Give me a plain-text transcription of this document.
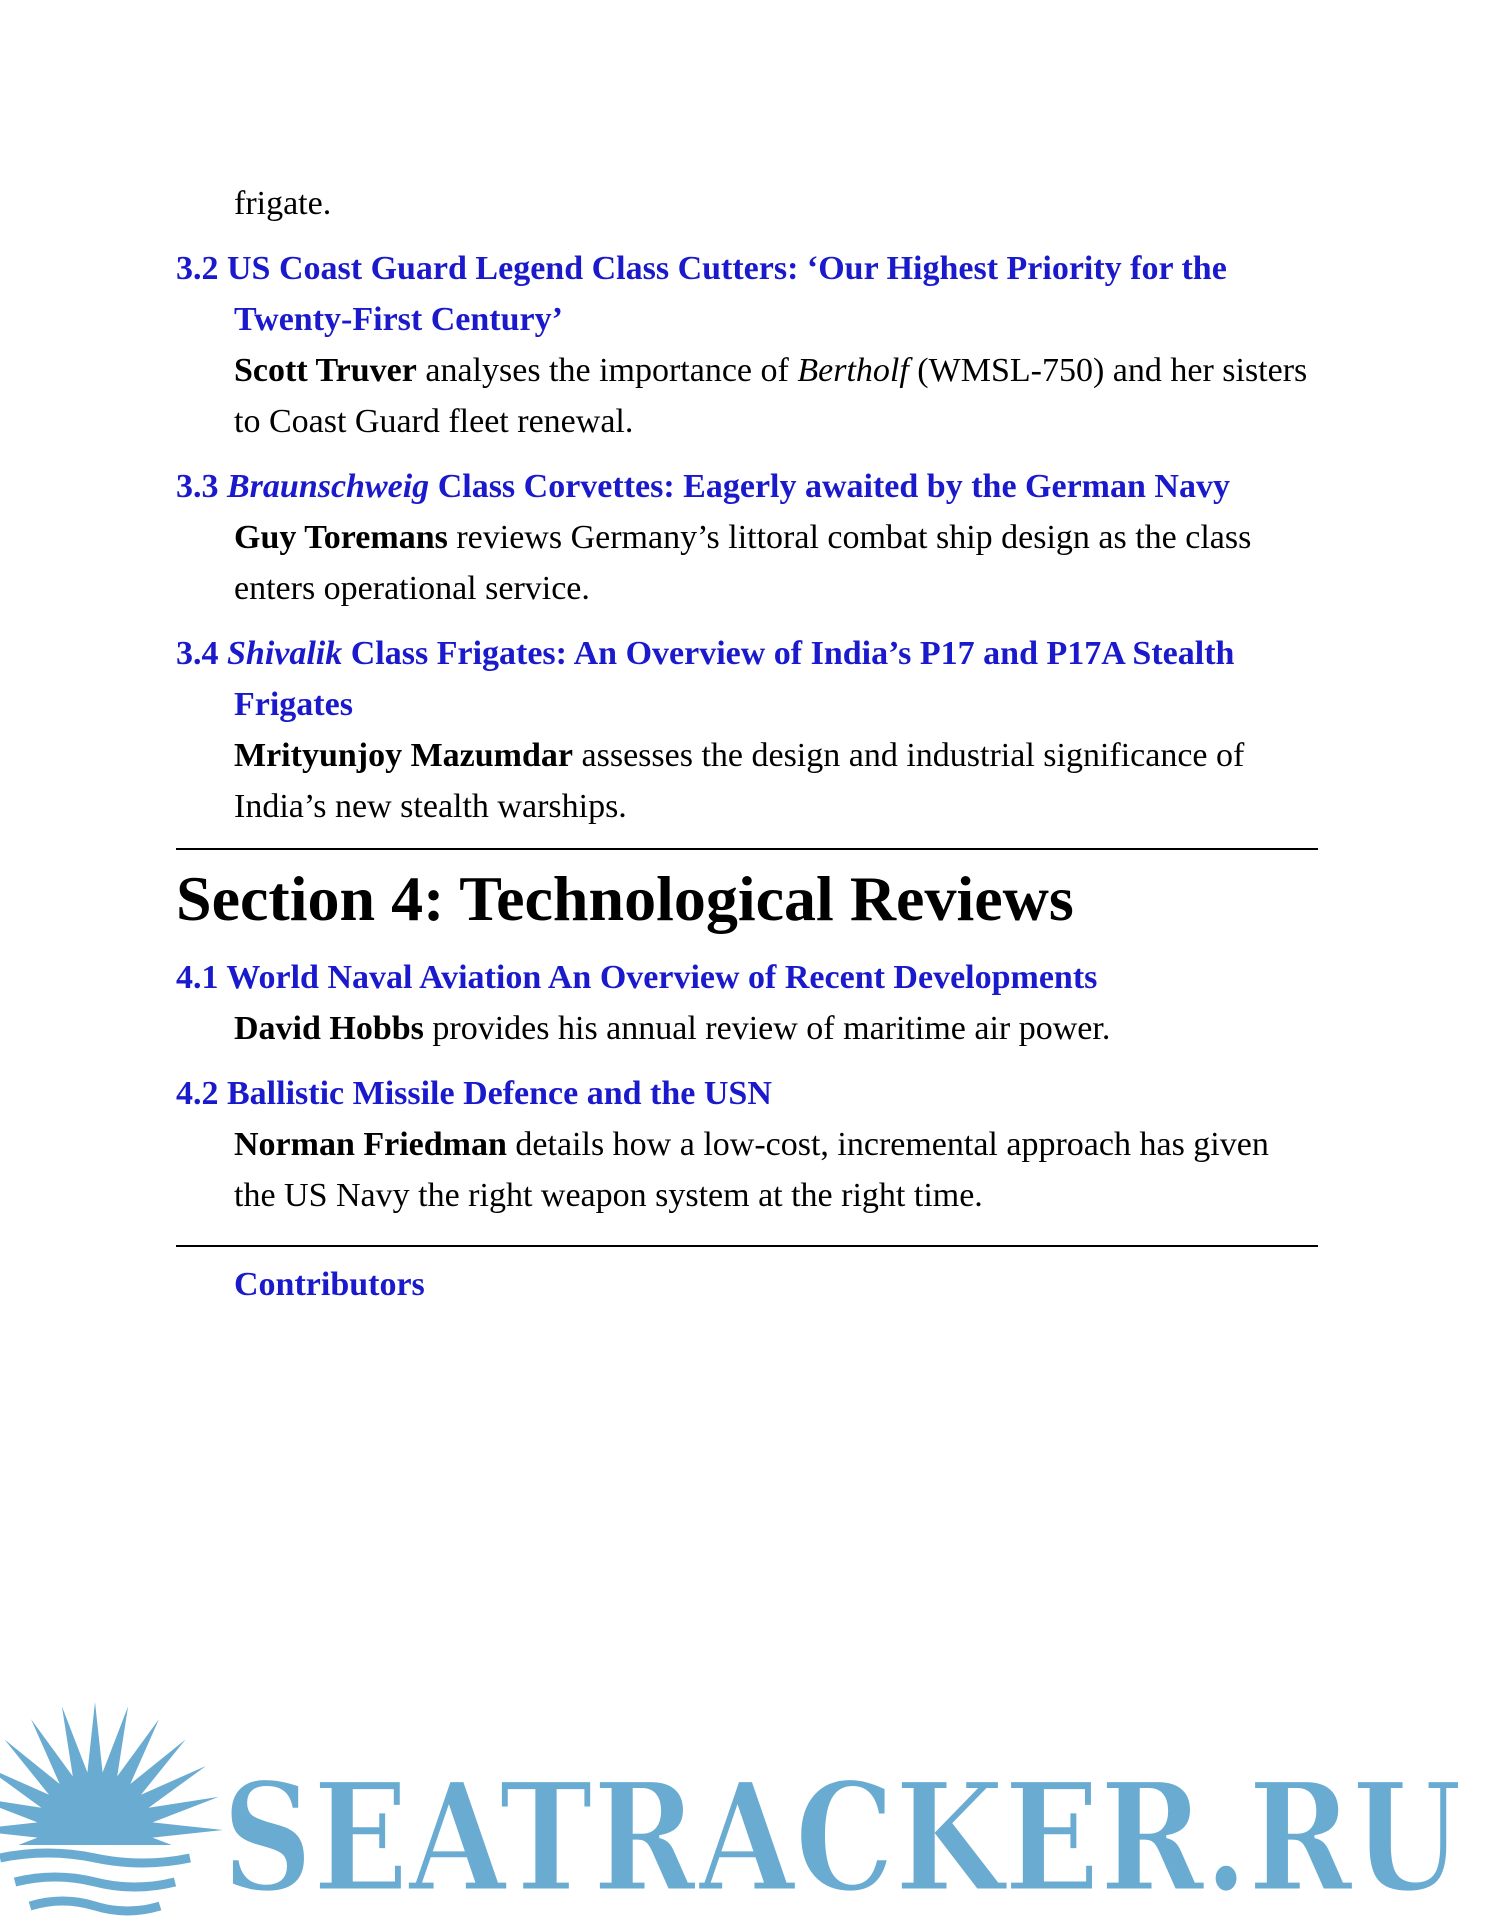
frigate.
3.2 US Coast Guard Legend Class Cutters: ‘Our Highest Priority for the Twenty-First Century’
Scott Truver analyses the importance of Bertholf (WMSL-750) and her sisters to Coast Guard fleet renewal.
3.3 Braunschweig Class Corvettes: Eagerly awaited by the German Navy
Guy Toremans reviews Germany’s littoral combat ship design as the class enters operational service.
3.4 Shivalik Class Frigates: An Overview of India’s P17 and P17A Stealth Frigates
Mrityunjoy Mazumdar assesses the design and industrial significance of India’s new stealth warships.
Section 4: Technological Reviews
4.1 World Naval Aviation An Overview of Recent Developments
David Hobbs provides his annual review of maritime air power.
4.2 Ballistic Missile Defence and the USN
Norman Friedman details how a low-cost, incremental approach has given the US Navy the right weapon system at the right time.
Contributors
SEATRACKER.RU
